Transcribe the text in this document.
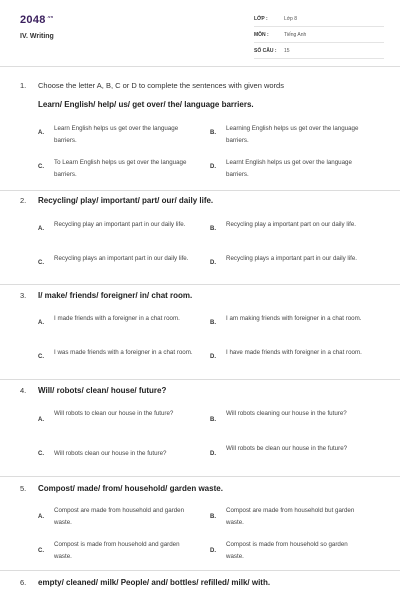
$2048^{.vn}$
IV. Writing
LỚP :	Lớp 8
MÔN :	Tiếng Anh
SỐ CÂU : 15
1. Choose the letter A, B, C or D to complete the sentences with given words
Learn/ English/ help/ us/ get over/ the/ language barriers.
A.
Learn English helps us get over the language barriers.
B.
Learning English helps us get over the language barriers.
C.
To Learn English helps us get over the language barriers.
D.
Learnt English helps us get over the language barriers.
2. Recycling/ play/ important/ part/ our/ daily life.
A.
Recycling play an important part in our daily life.
B.
Recycling play a important part on our daily life.
C.
Recycling plays an important part in our daily life.
D.
Recycling plays a important part in our daily life.
3. I/ make/ friends/ foreigner/ in/ chat room.
A.
I made friends with a foreigner in a chat room.
B.
I am making friends with foreigner in a chat room.
C.
I was made friends with a foreigner in a chat room.
D.
I have made friends with foreigner in a chat room.
4. Will/ robots/ clean/ house/ future?
A.
Will robots to clean our house in the future?
B.
Will robots cleaning our house in the future?
C. Will robots clean our house in the future?	D.
Will robots be clean our house in the future?
5. Compost/ made/ from/ household/ garden waste.
A.
Compost are made from household and garden waste.
B.
Compost are made from household but garden waste.
C.
Compost is made from household and garden waste.
D.
Compost is made from household so garden waste.
6. empty/ cleaned/ milk/ People/ and/ bottles/ refilled/ milk/ with.
